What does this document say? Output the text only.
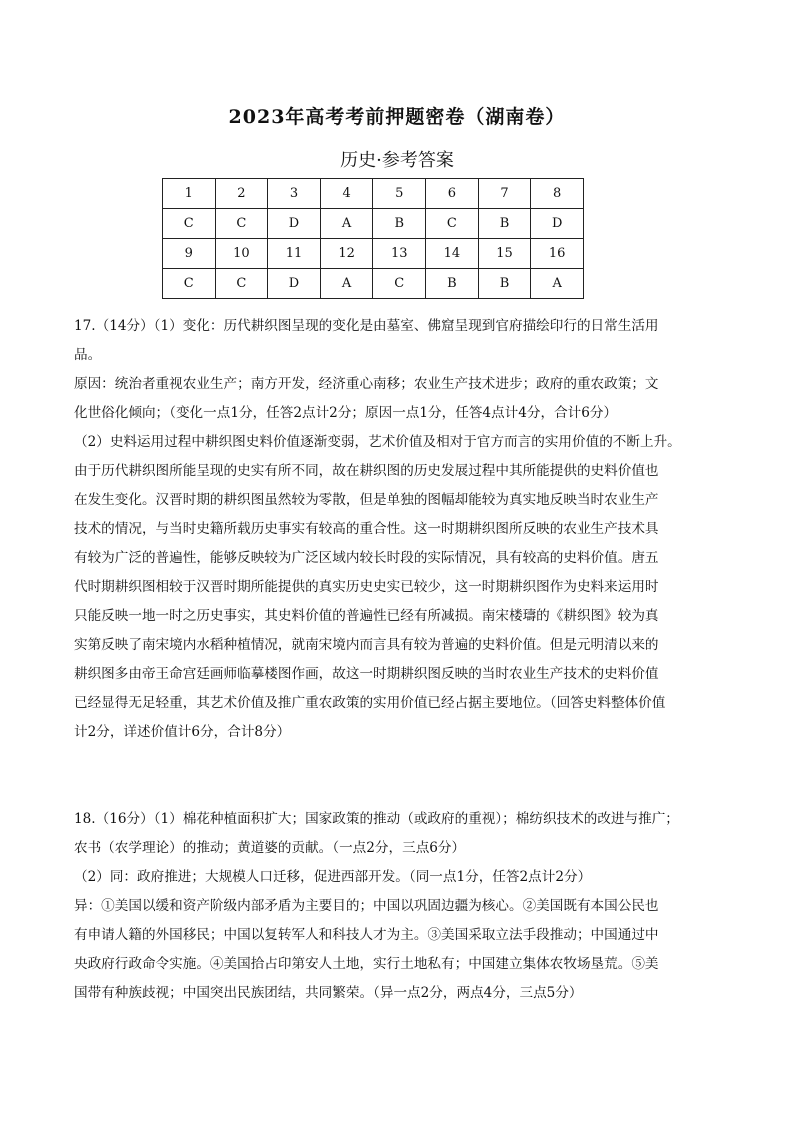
2023年高考考前押题密卷（湖南卷）
历史·参考答案
1	2	3	4	5	6	7	8
C	C	D	A	B	C	B	D
9	10	11	12	13	14	15	16
C	C	D	A	C	B	B	A

17.（14分）（1）变化：历代耕织图呈现的变化是由墓室、佛窟呈现到官府描绘印行的日常生活用

品。

原因：统治者重视农业生产；南方开发，经济重心南移；农业生产技术进步；政府的重农政策；文

化世俗化倾向；（变化一点1分，任答2点计2分；原因一点1分，任答4点计4分，合计6分）

（2）史料运用过程中耕织图史料价值逐渐变弱，艺术价值及相对于官方而言的实用价值的不断上升。

由于历代耕织图所能呈现的史实有所不同，故在耕织图的历史发展过程中其所能提供的史料价值也

在发生变化。汉晋时期的耕织图虽然较为零散，但是单独的图幅却能较为真实地反映当时农业生产

技术的情况，与当时史籍所载历史事实有较高的重合性。这一时期耕织图所反映的农业生产技术具

有较为广泛的普遍性，能够反映较为广泛区域内较长时段的实际情况，具有较高的史料价值。唐五

代时期耕织图相较于汉晋时期所能提供的真实历史史实已较少，这一时期耕织图作为史料来运用时

只能反映一地一时之历史事实，其史料价值的普遍性已经有所减损。南宋楼璹的《耕织图》较为真

实第反映了南宋境内水稻种植情况，就南宋境内而言具有较为普遍的史料价值。但是元明清以来的

耕织图多由帝王命宫廷画师临摹楼图作画，故这一时期耕织图反映的当时农业生产技术的史料价值

已经显得无足轻重，其艺术价值及推广重农政策的实用价值已经占据主要地位。（回答史料整体价值

计2分，详述价值计6分，合计8分）

18.（16分）（1）棉花种植面积扩大；国家政策的推动（或政府的重视）；棉纺织技术的改进与推广；

农书（农学理论）的推动；黄道婆的贡献。（一点2分，三点6分）

（2）同：政府推进；大规模人口迁移，促进西部开发。（同一点1分，任答2点计2分）

异：①美国以缓和资产阶级内部矛盾为主要目的；中国以巩固边疆为核心。②美国既有本国公民也

有申请人籍的外国移民；中国以复转军人和科技人才为主。③美国采取立法手段推动；中国通过中

央政府行政命令实施。④美国拾占印第安人土地，实行土地私有；中国建立集体农牧场垦荒。⑤美

国带有种族歧视；中国突出民族团结，共同繁荣。（异一点2分，两点4分，三点5分）
